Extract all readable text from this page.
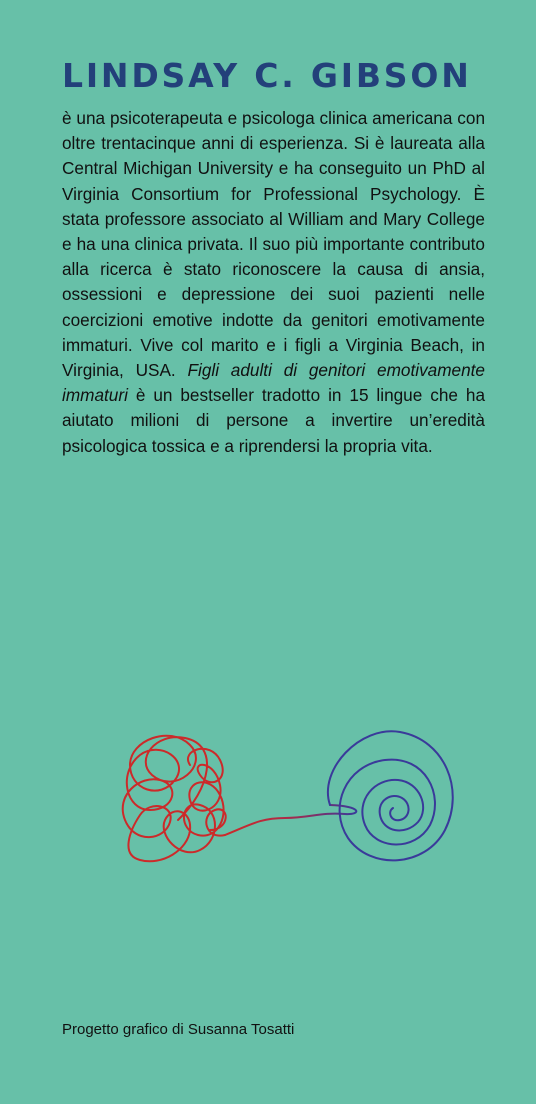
LINDSAY C. GIBSON

è una psicoterapeuta e psicologa clinica americana con oltre trentacinque anni di esperienza. Si è laureata alla Central Michigan University e ha conseguito un PhD al Virginia Consortium for Professional Psychology. È stata professore associato al William and Mary College e ha una clinica privata. Il suo più importante contributo alla ricerca è stato riconoscere la causa di ansia, ossessioni e depressione dei suoi pazienti nelle coercizioni emotive indotte da genitori emotivamente immaturi. Vive col marito e i figli a Virginia Beach, in Virginia, USA. Figli adulti di genitori emotivamente immaturi è un bestseller tradotto in 15 lingue che ha aiutato milioni di persone a invertire un’eredità psicologica tossica e a riprendersi la propria vita.

Progetto grafico di Susanna Tosatti
